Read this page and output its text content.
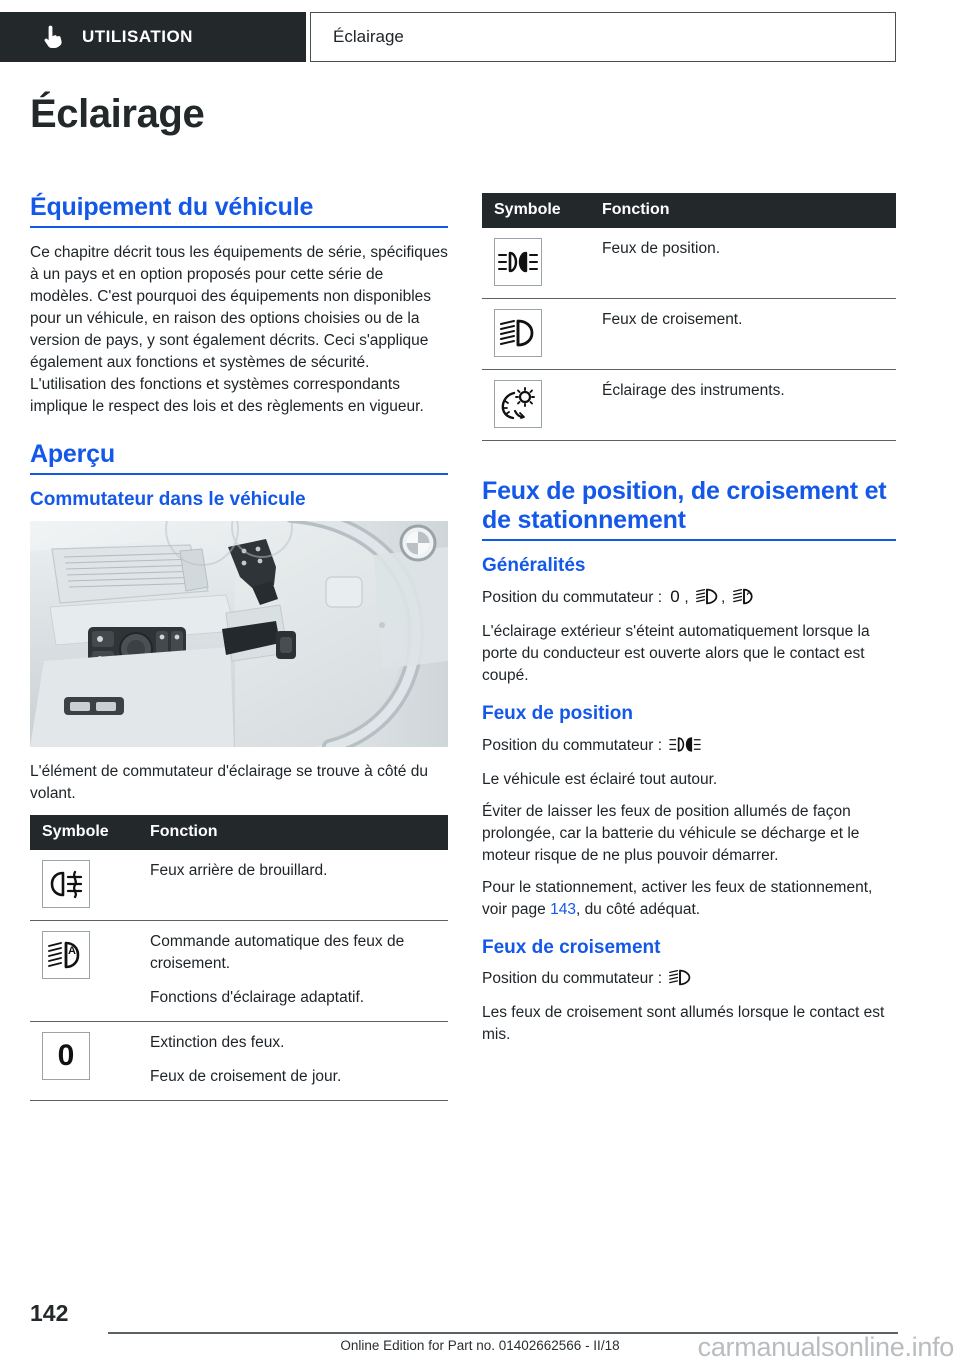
UTILISATION	Éclairage
Éclairage
Équipement du véhicule

Ce chapitre décrit tous les équipements de série, spécifiques à un pays et en option proposés pour cette série de modèles. C'est pourquoi des équipements non disponibles pour un véhicule, en raison des options choisies ou de la version de pays, y sont également décrits. Ceci s'applique également aux fonctions et systèmes de sécurité. L'utilisation des fonctions et systèmes correspondants implique le respect des lois et des règlements en vigueur.

Aperçu
Commutateur dans le véhicule

L'élément de commutateur d'éclairage se trouve à côté du volant.

Symbole	Fonction

Feux arrière de brouillard.

A	Commande automatique des feux de croisement.
Fonctions d'éclairage adaptatif.

0	Extinction des feux.
Feux de croisement de jour.
Symbole	Fonction

Feux de position.

Feux de croisement.

Éclairage des instruments.
Feux de position, de croisement et de stationnement
Généralités

Position du commutateur : 0 , , A

L'éclairage extérieur s'éteint automatiquement lorsque la porte du conducteur est ouverte alors que le contact est coupé.

Feux de position

Position du commutateur :

Le véhicule est éclairé tout autour.

Éviter de laisser les feux de position allumés de façon prolongée, car la batterie du véhicule se décharge et le moteur risque de ne plus pouvoir démarrer.

Pour le stationnement, activer les feux de stationnement, voir page 143, du côté adéquat.

Feux de croisement

Position du commutateur :

Les feux de croisement sont allumés lorsque le contact est mis.

142
Online Edition for Part no. 01402662566 - II/18	carmanualsonline.info
